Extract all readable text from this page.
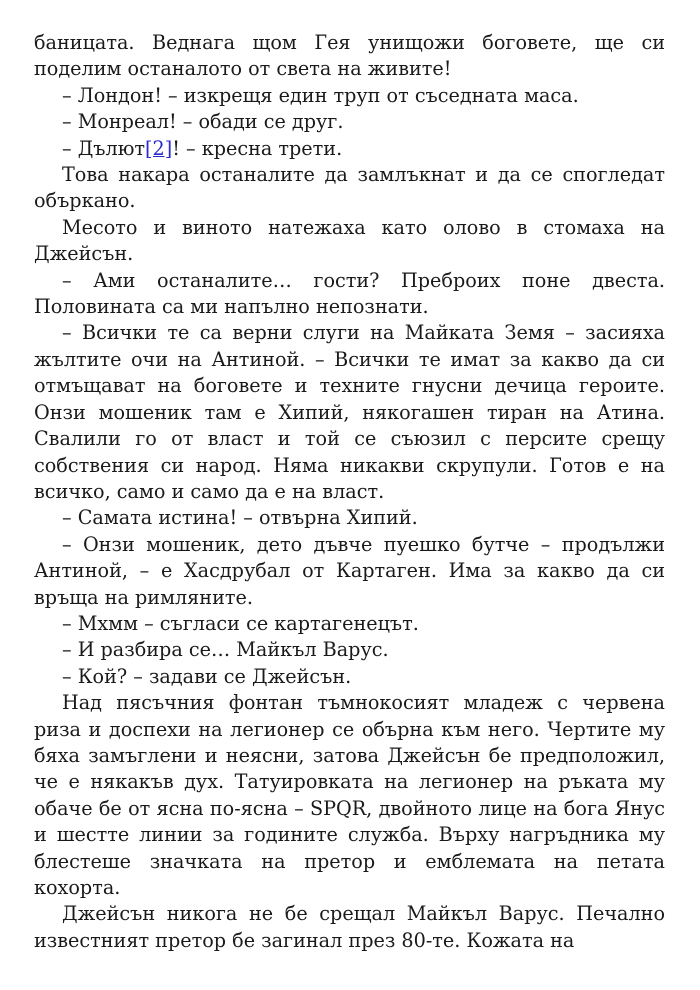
баницата. Веднага щом Гея унищожи боговете, ще си поделим останалото от света на живите!

– Лондон! – изкрещя един труп от съседната маса.

– Монреал! – обади се друг.

– Дълют[2]! – кресна трети.

Това накара останалите да замлъкнат и да се спогледат объркано.

Месото и виното натежаха като олово в стомаха на Джейсън.

– Ами останалите… гости? Преброих поне двеста. Половината са ми напълно непознати.

– Всички те са верни слуги на Майката Земя – засияха жълтите очи на Антиной. – Всички те имат за какво да си отмъщават на боговете и техните гнусни дечица героите. Онзи мошеник там е Хипий, някогашен тиран на Атина. Свалили го от власт и той се съюзил с персите срещу собствения си народ. Няма никакви скрупули. Готов е на всичко, само и само да е на власт.

– Самата истина! – отвърна Хипий.

– Онзи мошеник, дето дъвче пуешко бутче – продължи Антиной, – е Хасдрубал от Картаген. Има за какво да си връща на римляните.

– Мхмм – съгласи се картагенецът.

– И разбира се… Майкъл Варус.

– Кой? – задави се Джейсън.

Над пясъчния фонтан тъмнокосият младеж с червена риза и доспехи на легионер се обърна към него. Чертите му бяха замъглени и неясни, затова Джейсън бе предположил, че е някакъв дух. Татуировката на легионер на ръката му обаче бе от ясна по-ясна – SPQR, двойното лице на бога Янус и шестте линии за годините служба. Върху нагръдника му блестеше значката на претор и емблемата на петата кохорта.

Джейсън никога не бе срещал Майкъл Варус. Печално известният претор бе загинал през 80-те. Кожата на
